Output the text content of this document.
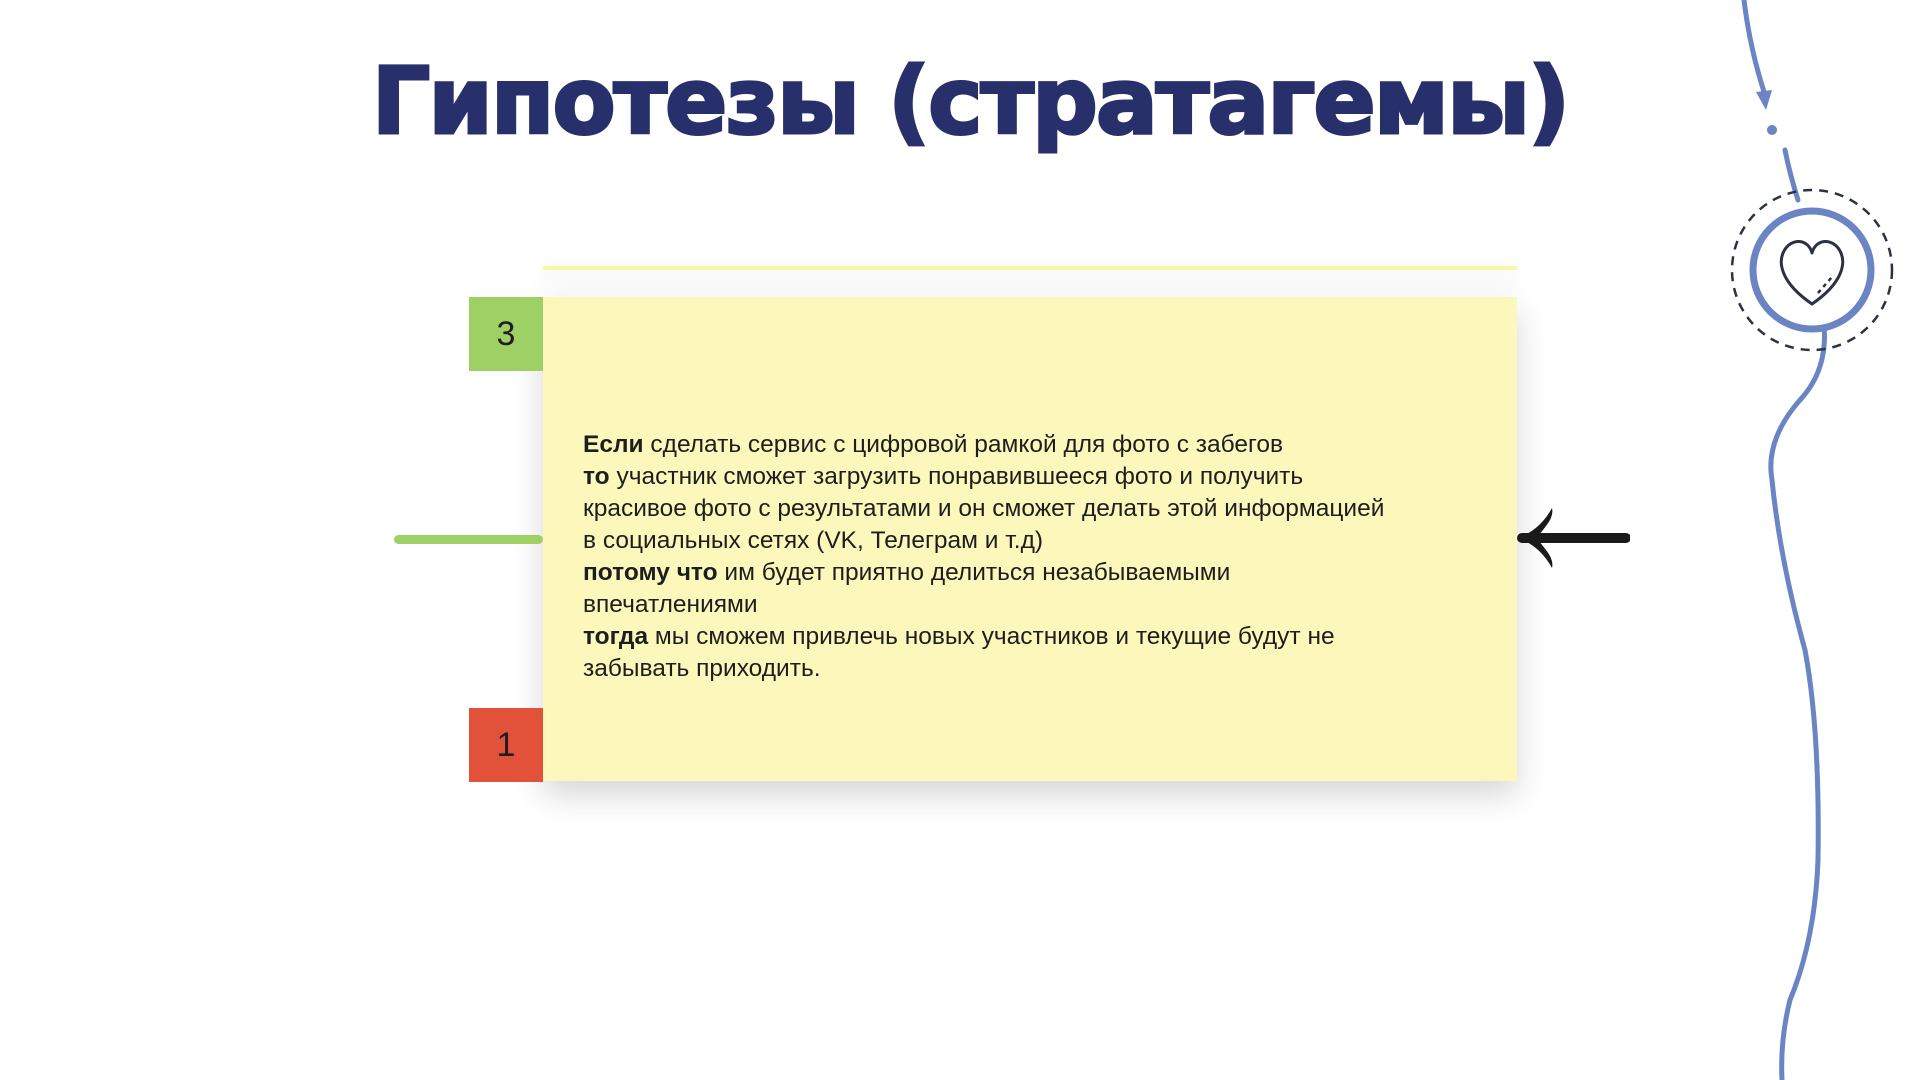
Гипотезы (стратагемы)
Если сделать сервис с цифровой рамкой для фото с забегов
то участник сможет загрузить понравившееся фото и получить
красивое фото с результатами и он сможет делать этой информацией
в социальных сетях (VK, Телеграм и т.д)
потому что им будет приятно делиться незабываемыми
впечатлениями
тогда мы сможем привлечь новых участников и текущие будут не
забывать приходить.
3
1
